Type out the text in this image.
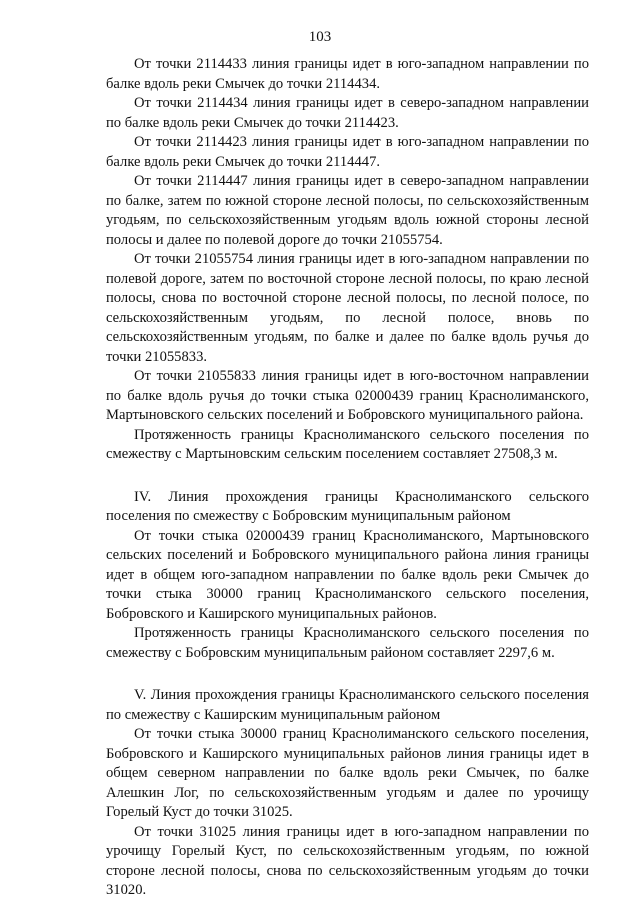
103

От точки 2114433 линия границы идет в юго-западном направлении по балке вдоль реки Смычек до точки 2114434.

От точки 2114434 линия границы идет в северо-западном направлении по балке вдоль реки Смычек до точки 2114423.

От точки 2114423 линия границы идет в юго-западном направлении по балке вдоль реки Смычек до точки 2114447.

От точки 2114447 линия границы идет в северо-западном направлении по балке, затем по южной стороне лесной полосы, по сельскохозяйственным угодьям, по сельскохозяйственным угодьям вдоль южной стороны лесной полосы и далее по полевой дороге до точки 21055754.

От точки 21055754 линия границы идет в юго-западном направлении по полевой дороге, затем по восточной стороне лесной полосы, по краю лесной полосы, снова по восточной стороне лесной полосы, по лесной полосе, по сельскохозяйственным угодьям, по лесной полосе, вновь по сельскохозяйственным угодьям, по балке и далее по балке вдоль ручья до точки 21055833.

От точки 21055833 линия границы идет в юго-восточном направлении по балке вдоль ручья до точки стыка 02000439 границ Краснолиманского, Мартыновского сельских поселений и Бобровского муниципального района.

Протяженность границы Краснолиманского сельского поселения по смежеству с Мартыновским сельским поселением составляет 27508,3 м.

IV. Линия прохождения границы Краснолиманского сельского поселения по смежеству с Бобровским муниципальным районом

От точки стыка 02000439 границ Краснолиманского, Мартыновского сельских поселений и Бобровского муниципального района линия границы идет в общем юго-западном направлении по балке вдоль реки Смычек до точки стыка 30000 границ Краснолиманского сельского поселения, Бобровского и Каширского муниципальных районов.

Протяженность границы Краснолиманского сельского поселения по смежеству с Бобровским муниципальным районом составляет 2297,6 м.

V. Линия прохождения границы Краснолиманского сельского поселения по смежеству с Каширским муниципальным районом

От точки стыка 30000 границ Краснолиманского сельского поселения, Бобровского и Каширского муниципальных районов линия границы идет в общем северном направлении по балке вдоль реки Смычек, по балке Алешкин Лог, по сельскохозяйственным угодьям и далее по урочищу Горелый Куст до точки 31025.

От точки 31025 линия границы идет в юго-западном направлении по урочищу Горелый Куст, по сельскохозяйственным угодьям, по южной стороне лесной полосы, снова по сельскохозяйственным угодьям до точки 31020.
